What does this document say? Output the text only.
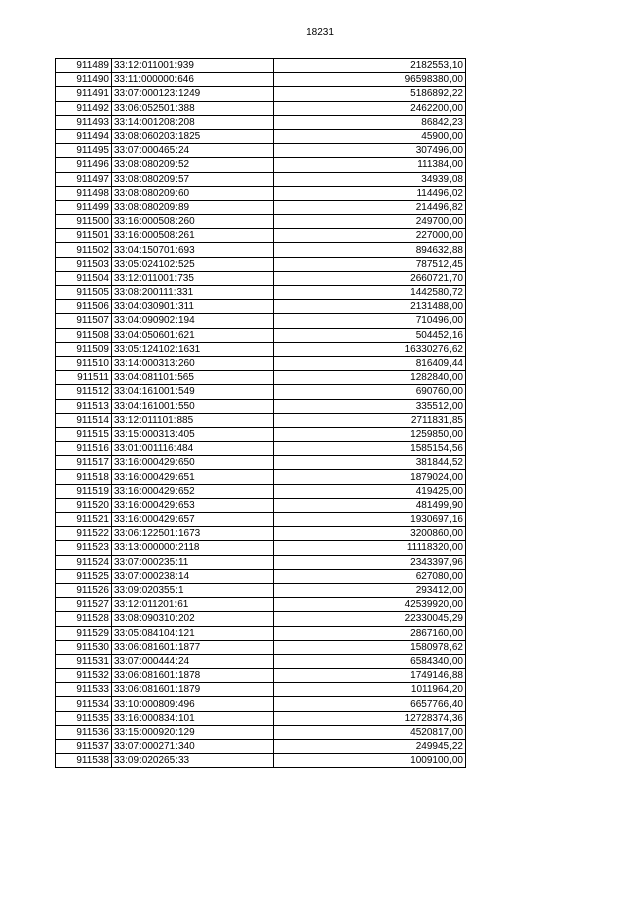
18231
911489	33:12:011001:939	2182553,10
911490	33:11:000000:646	96598380,00
911491	33:07:000123:1249	5186892,22
911492	33:06:052501:388	2462200,00
911493	33:14:001208:208	86842,23
911494	33:08:060203:1825	45900,00
911495	33:07:000465:24	307496,00
911496	33:08:080209:52	111384,00
911497	33:08:080209:57	34939,08
911498	33:08:080209:60	114496,02
911499	33:08:080209:89	214496,82
911500	33:16:000508:260	249700,00
911501	33:16:000508:261	227000,00
911502	33:04:150701:693	894632,88
911503	33:05:024102:525	787512,45
911504	33:12:011001:735	2660721,70
911505	33:08:200111:331	1442580,72
911506	33:04:030901:311	2131488,00
911507	33:04:090902:194	710496,00
911508	33:04:050601:621	504452,16
911509	33:05:124102:1631	16330276,62
911510	33:14:000313:260	816409,44
911511	33:04:081101:565	1282840,00
911512	33:04:161001:549	690760,00
911513	33:04:161001:550	335512,00
911514	33:12:011101:885	2711831,85
911515	33:15:000313:405	1259850,00
911516	33:01:001116:484	1585154,56
911517	33:16:000429:650	381844,52
911518	33:16:000429:651	1879024,00
911519	33:16:000429:652	419425,00
911520	33:16:000429:653	481499,90
911521	33:16:000429:657	1930697,16
911522	33:06:122501:1673	3200860,00
911523	33:13:000000:2118	11118320,00
911524	33:07:000235:11	2343397,96
911525	33:07:000238:14	627080,00
911526	33:09:020355:1	293412,00
911527	33:12:011201:61	42539920,00
911528	33:08:090310:202	22330045,29
911529	33:05:084104:121	2867160,00
911530	33:06:081601:1877	1580978,62
911531	33:07:000444:24	6584340,00
911532	33:06:081601:1878	1749146,88
911533	33:06:081601:1879	1011964,20
911534	33:10:000809:496	6657766,40
911535	33:16:000834:101	12728374,36
911536	33:15:000920:129	4520817,00
911537	33:07:000271:340	249945,22
911538	33:09:020265:33	1009100,00
